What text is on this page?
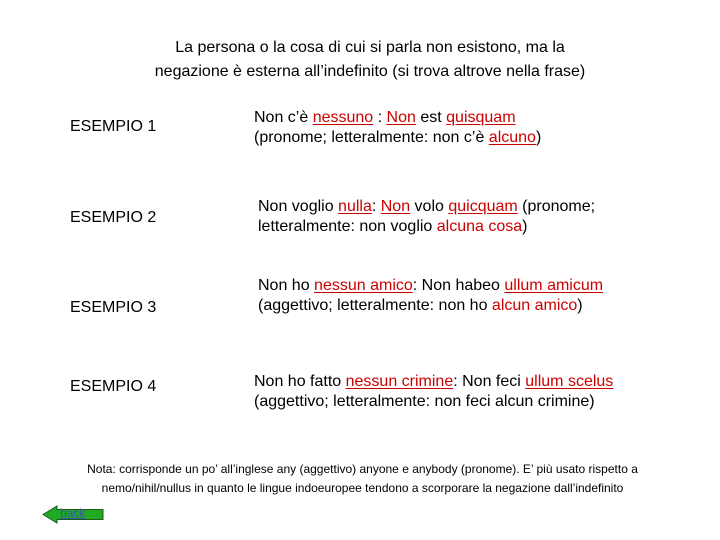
La persona o la cosa di cui si parla non esistono, ma la
negazione è esterna all’indefinito (si trova altrove nella frase)
ESEMPIO 1
Non c’è nessuno : Non est quisquam
(pronome; letteralmente: non c’è alcuno)
ESEMPIO 2
Non voglio nulla: Non volo quicquam (pronome;
letteralmente: non voglio alcuna cosa)
ESEMPIO 3
Non ho nessun amico: Non habeo ullum amicum
(aggettivo; letteralmente: non ho alcun amico)
ESEMPIO 4	Non ho fatto nessun crimine: Non feci ullum scelus
(aggettivo; letteralmente: non feci alcun crimine)
Nota: corrisponde un po’ all’inglese any (aggettivo) anyone e anybody (pronome). E’ più usato rispetto a
nemo/nihil/nullus in quanto le lingue indoeuropee tendono a scorporare la negazione dall’indefinito
back
